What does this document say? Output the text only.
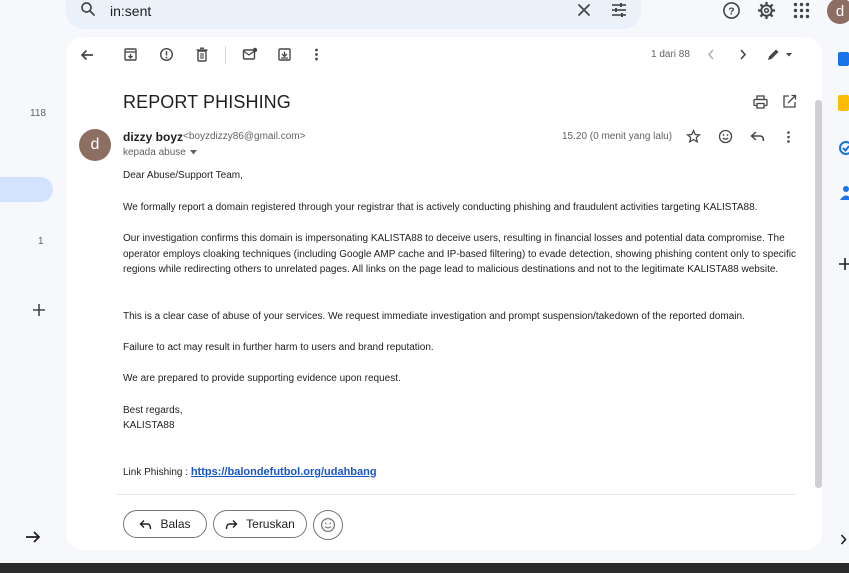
in:sent	?	d
118
1
1 dari 88
REPORT PHISHING
d	dizzy boyz <boyzdizzy86@gmail.com>
kepada abuse
15.20 (0 menit yang lalu)
Dear Abuse/Support Team,
We formally report a domain registered through your registrar that is actively conducting phishing and fraudulent activities targeting KALISTA88.
Our investigation confirms this domain is impersonating KALISTA88 to deceive users, resulting in financial losses and potential data compromise. The operator employs cloaking techniques (including Google AMP cache and IP-based filtering) to evade detection, showing phishing content only to specific regions while redirecting others to unrelated pages. All links on the page lead to malicious destinations and not to the legitimate KALISTA88 website.
This is a clear case of abuse of your services. We request immediate investigation and prompt suspension/takedown of the reported domain.
Failure to act may result in further harm to users and brand reputation.
We are prepared to provide supporting evidence upon request.
Best regards,
KALISTA88
Link Phishing : https://balondefutbol.org/udahbang
Balas	Teruskan
